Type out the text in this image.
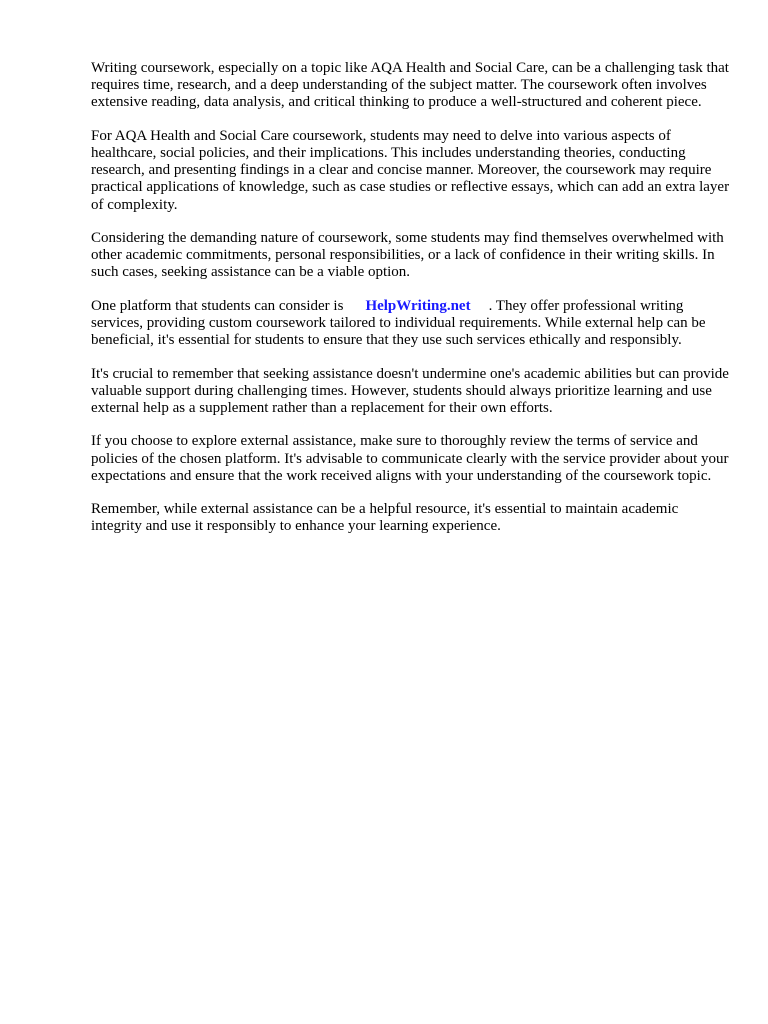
Writing coursework, especially on a topic like AQA Health and Social Care, can be a challenging task that requires time, research, and a deep understanding of the subject matter. The coursework often involves extensive reading, data analysis, and critical thinking to produce a well-structured and coherent piece.

For AQA Health and Social Care coursework, students may need to delve into various aspects of healthcare, social policies, and their implications. This includes understanding theories, conducting research, and presenting findings in a clear and concise manner. Moreover, the coursework may require practical applications of knowledge, such as case studies or reflective essays, which can add an extra layer of complexity.

Considering the demanding nature of coursework, some students may find themselves overwhelmed with other academic commitments, personal responsibilities, or a lack of confidence in their writing skills. In such cases, seeking assistance can be a viable option.

One platform that students can consider is HelpWriting.net . They offer professional writing services, providing custom coursework tailored to individual requirements. While external help can be beneficial, it's essential for students to ensure that they use such services ethically and responsibly.

It's crucial to remember that seeking assistance doesn't undermine one's academic abilities but can provide valuable support during challenging times. However, students should always prioritize learning and use external help as a supplement rather than a replacement for their own efforts.

If you choose to explore external assistance, make sure to thoroughly review the terms of service and policies of the chosen platform. It's advisable to communicate clearly with the service provider about your expectations and ensure that the work received aligns with your understanding of the coursework topic.

Remember, while external assistance can be a helpful resource, it's essential to maintain academic integrity and use it responsibly to enhance your learning experience.
